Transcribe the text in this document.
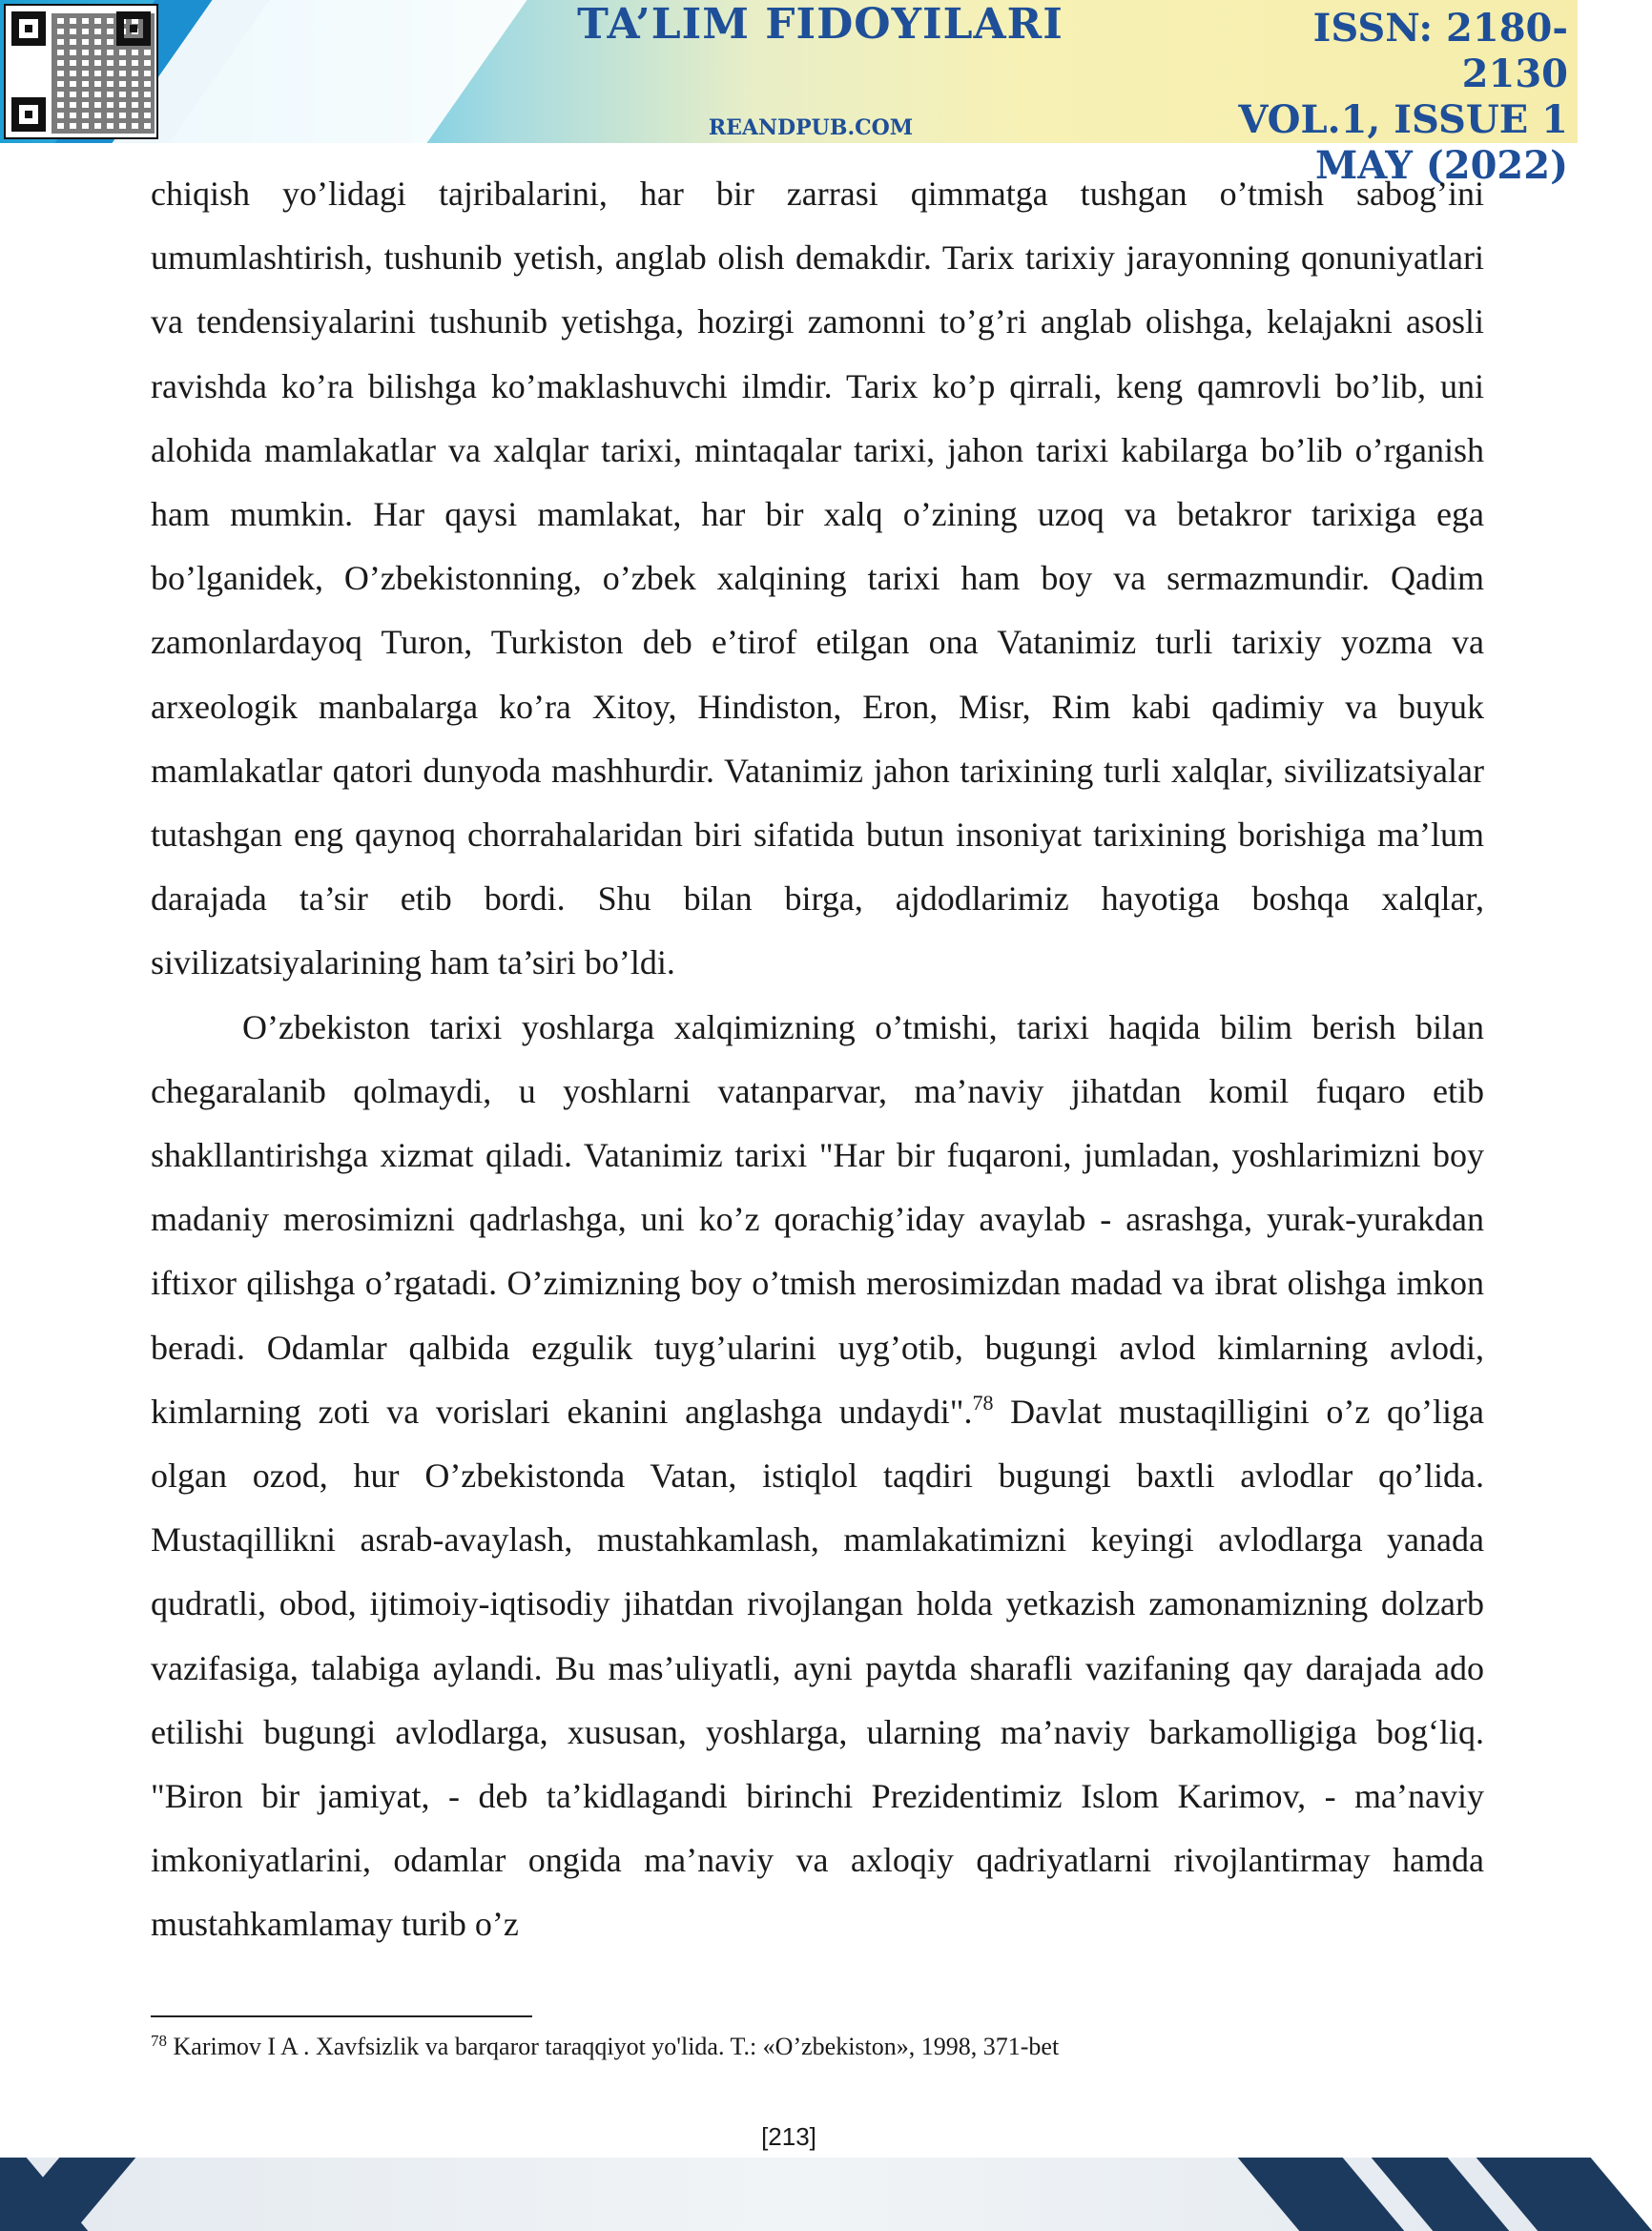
TA’LIM FIDOYILARI
REANDPUB.COM
ISSN: 2180-2130
VOL.1, ISSUE 1
MAY (2022)

chiqish yo’lidagi tajribalarini, har bir zarrasi qimmatga tushgan o’tmish sabog’ini umumlashtirish, tushunib yetish, anglab olish demakdir. Tarix tarixiy jarayonning qonuniyatlari va tendensiyalarini tushunib yetishga, hozirgi zamonni to’g’ri anglab olishga, kelajakni asosli ravishda ko’ra bilishga ko’maklashuvchi ilmdir. Tarix ko’p qirrali, keng qamrovli bo’lib, uni alohida mamlakatlar va xalqlar tarixi, mintaqalar tarixi, jahon tarixi kabilarga bo’lib o’rganish ham mumkin. Har qaysi mamlakat, har bir xalq o’zining uzoq va betakror tarixiga ega bo’lganidek, O’zbekistonning, o’zbek xalqining tarixi ham boy va sermazmundir. Qadim zamonlardayoq Turon, Turkiston deb e’tirof etilgan ona Vatanimiz turli tarixiy yozma va arxeologik manbalarga ko’ra Xitoy, Hindiston, Eron, Misr, Rim kabi qadimiy va buyuk mamlakatlar qatori dunyoda mashhurdir. Vatanimiz jahon tarixining turli xalqlar, sivilizatsiyalar tutashgan eng qaynoq chorrahalaridan biri sifatida butun insoniyat tarixining borishiga ma’lum darajada ta’sir etib bordi. Shu bilan birga, ajdodlarimiz hayotiga boshqa xalqlar, sivilizatsiyalarining ham ta’siri bo’ldi.

O’zbekiston tarixi yoshlarga xalqimizning o’tmishi, tarixi haqida bilim berish bilan chegaralanib qolmaydi, u yoshlarni vatanparvar, ma’naviy jihatdan komil fuqaro etib shakllantirishga xizmat qiladi. Vatanimiz tarixi "Har bir fuqaroni, jumladan, yoshlarimizni boy madaniy merosimizni qadrlashga, uni ko’z qorachig’iday avaylab - asrashga, yurak-yurakdan iftixor qilishga o’rgatadi. O’zimizning boy o’tmish merosimizdan madad va ibrat olishga imkon beradi. Odamlar qalbida ezgulik tuyg’ularini uyg’otib, bugungi avlod kimlarning avlodi, kimlarning zoti va vorislari ekanini anglashga undaydi".$^{78}$ Davlat mustaqilligini o’z qo’liga olgan ozod, hur O’zbekistonda Vatan, istiqlol taqdiri bugungi baxtli avlodlar qo’lida. Mustaqillikni asrab-avaylash, mustahkamlash, mamlakatimizni keyingi avlodlarga yanada qudratli, obod, ijtimoiy-iqtisodiy jihatdan rivojlangan holda yetkazish zamonamizning dolzarb vazifasiga, talabiga aylandi. Bu mas’uliyatli, ayni paytda sharafli vazifaning qay darajada ado etilishi bugungi avlodlarga, xususan, yoshlarga, ularning ma’naviy barkamolligiga bog‘liq. "Biron bir jamiyat, - deb ta’kidlagandi birinchi Prezidentimiz Islom Karimov, - ma’naviy imkoniyatlarini, odamlar ongida ma’naviy va axloqiy qadriyatlarni rivojlantirmay hamda mustahkamlamay turib o’z

$^{78}$ Karimov I A . Xavfsizlik va barqaror taraqqiyot yo'lida. T.: «O’zbekiston», 1998, 371-bet
[213]
